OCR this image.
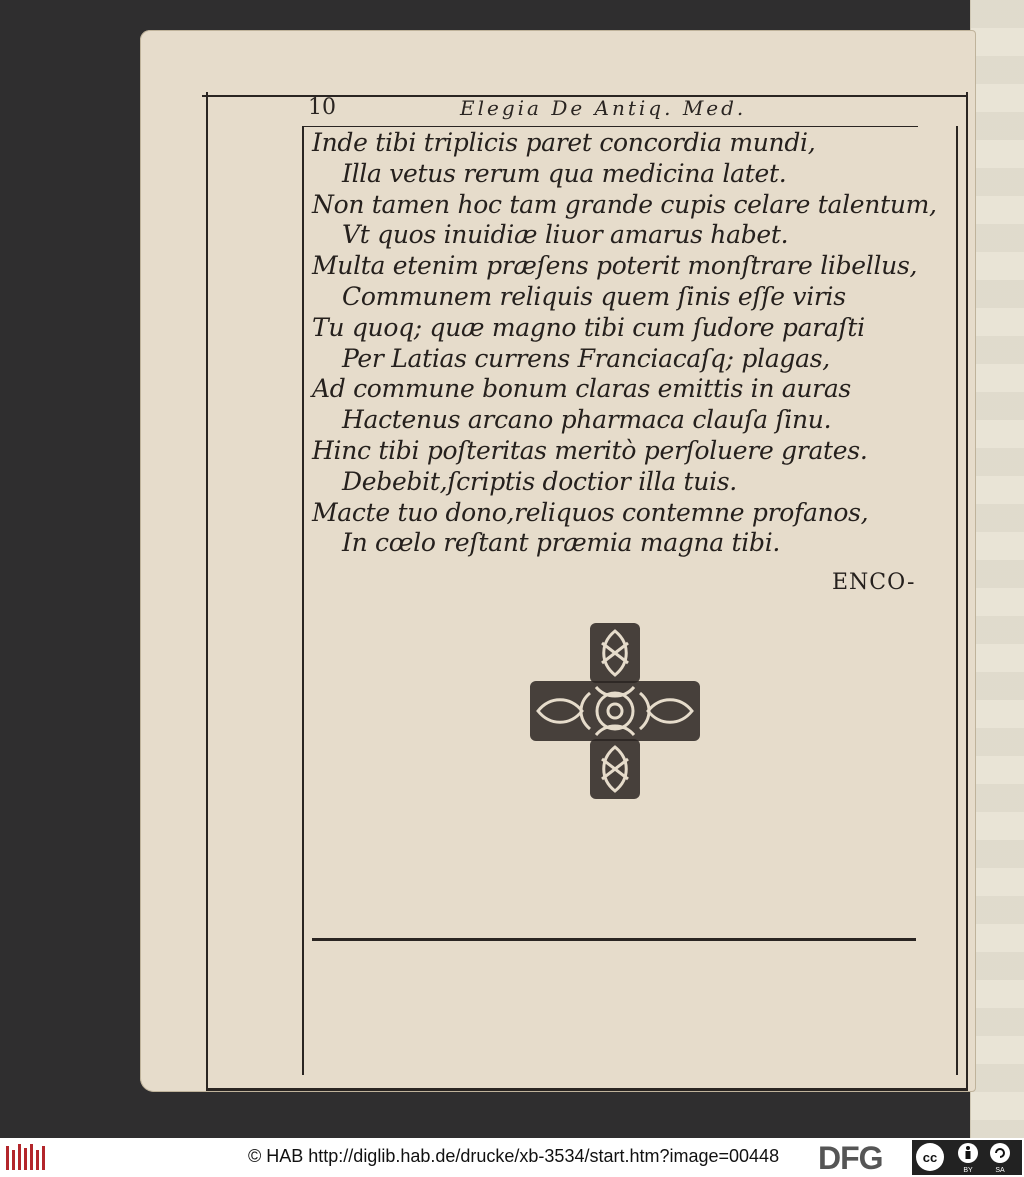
10	Elegia De Antiq. Med.
Inde tibi triplicis paret concordia mundi,
Illa vetus rerum qua medicina latet.
Non tamen hoc tam grande cupis celare talentum,
Vt quos inuidiæ liuor amarus habet.
Multa etenim præſens poterit monſtrare libellus,
Communem reliquis quem ſinis eſſe viris
Tu quoq; quæ magno tibi cum ſudore paraſti
Per Latias currens Franciacaſq; plagas,
Ad commune bonum claras emittis in auras
Hactenus arcano pharmaca clauſa ſinu.
Hinc tibi poſteritas meritò perſoluere grates.
Debebit,ſcriptis doctior illa tuis.
Macte tuo dono,reliquos contemne profanos,
In cœlo reſtant præmia magna tibi.
ENCO-
© HAB http://diglib.hab.de/drucke/xb-3534/start.htm?image=00448 DFG	cc
BY	SA
